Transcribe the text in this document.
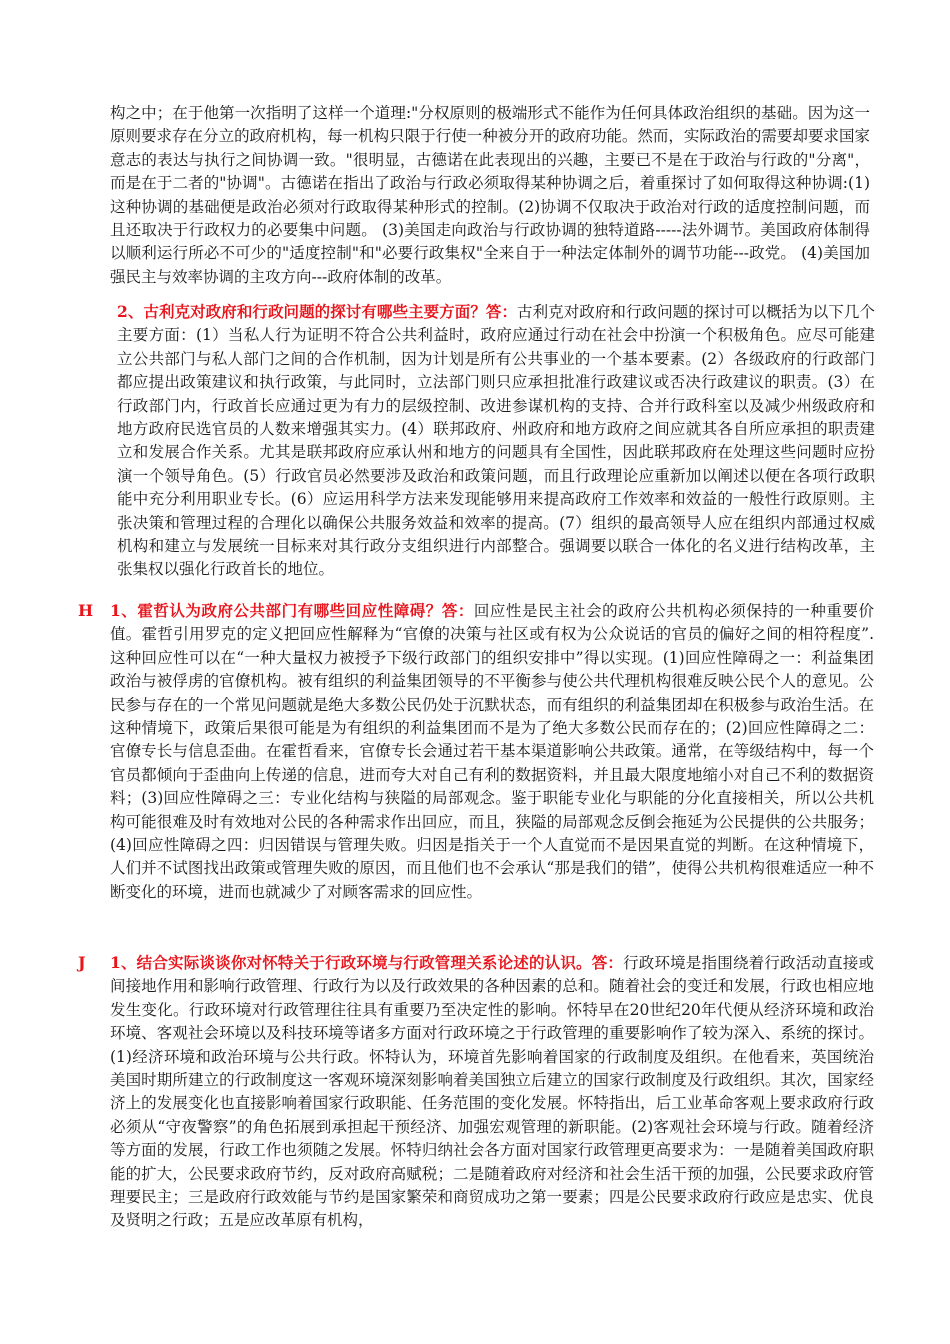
构之中；在于他第一次指明了这样一个道理:"分权原则的极端形式不能作为任何具体政治组织的基础。因为这一原则要求存在分立的政府机构，每一机构只限于行使一种被分开的政府功能。然而，实际政治的需要却要求国家意志的表达与执行之间协调一致。"很明显，古德诺在此表现出的兴趣，主要已不是在于政治与行政的"分离"，而是在于二者的"协调"。古德诺在指出了政治与行政必须取得某种协调之后，着重探讨了如何取得这种协调:(1)这种协调的基础便是政治必须对行政取得某种形式的控制。(2)协调不仅取决于政治对行政的适度控制问题，而且还取决于行政权力的必要集中问题。 (3)美国走向政治与行政协调的独特道路-----法外调节。美国政府体制得以顺利运行所必不可少的"适度控制"和"必要行政集权"全来自于一种法定体制外的调节功能---政党。 (4)美国加强民主与效率协调的主攻方向---政府体制的改革。
2、古利克对政府和行政问题的探讨有哪些主要方面？答：古利克对政府和行政问题的探讨可以概括为以下几个主要方面：(1）当私人行为证明不符合公共利益时，政府应通过行动在社会中扮演一个积极角色。应尽可能建立公共部门与私人部门之间的合作机制，因为计划是所有公共事业的一个基本要素。(2）各级政府的行政部门都应提出政策建议和执行政策，与此同时，立法部门则只应承担批准行政建议或否决行政建议的职责。(3）在行政部门内，行政首长应通过更为有力的层级控制、改进参谋机构的支持、合并行政科室以及减少州级政府和地方政府民选官员的人数来增强其实力。(4）联邦政府、州政府和地方政府之间应就其各自所应承担的职责建立和发展合作关系。尤其是联邦政府应承认州和地方的问题具有全国性，因此联邦政府在处理这些问题时应扮演一个领导角色。(5）行政官员必然要涉及政治和政策问题，而且行政理论应重新加以阐述以便在各项行政职能中充分利用职业专长。(6）应运用科学方法来发现能够用来提高政府工作效率和效益的一般性行政原则。主张决策和管理过程的合理化以确保公共服务效益和效率的提高。(7）组织的最高领导人应在组织内部通过权威机构和建立与发展统一目标来对其行政分支组织进行内部整合。强调要以联合一体化的名义进行结构改革，主张集权以强化行政首长的地位。
H 1、霍哲认为政府公共部门有哪些回应性障碍？答：回应性是民主社会的政府公共机构必须保持的一种重要价值。霍哲引用罗克的定义把回应性解释为“官僚的决策与社区或有权为公众说话的官员的偏好之间的相符程度”.这种回应性可以在“一种大量权力被授予下级行政部门的组织安排中”得以实现。(1)回应性障碍之一：利益集团政治与被俘虏的官僚机构。被有组织的利益集团领导的不平衡参与使公共代理机构很难反映公民个人的意见。公民参与存在的一个常见问题就是绝大多数公民仍处于沉默状态，而有组织的利益集团却在积极参与政治生活。在这种情境下，政策后果很可能是为有组织的利益集团而不是为了绝大多数公民而存在的；(2)回应性障碍之二：官僚专长与信息歪曲。在霍哲看来，官僚专长会通过若干基本渠道影响公共政策。通常，在等级结构中，每一个官员都倾向于歪曲向上传递的信息，进而夸大对自己有利的数据资料，并且最大限度地缩小对自己不利的数据资料；(3)回应性障碍之三：专业化结构与狭隘的局部观念。鉴于职能专业化与职能的分化直接相关，所以公共机构可能很难及时有效地对公民的各种需求作出回应，而且，狭隘的局部观念反倒会拖延为公民提供的公共服务；(4)回应性障碍之四：归因错误与管理失败。归因是指关于一个人直觉而不是因果直觉的判断。在这种情境下，人们并不试图找出政策或管理失败的原因，而且他们也不会承认“那是我们的错”，使得公共机构很难适应一种不断变化的环境，进而也就减少了对顾客需求的回应性。
J 1、结合实际谈谈你对怀特关于行政环境与行政管理关系论述的认识。答：行政环境是指围绕着行政活动直接或间接地作用和影响行政管理、行政行为以及行政效果的各种因素的总和。随着社会的变迁和发展，行政也相应地发生变化。行政环境对行政管理往往具有重要乃至决定性的影响。怀特早在20世纪20年代便从经济环境和政治环境、客观社会环境以及科技环境等诸多方面对行政环境之于行政管理的重要影响作了较为深入、系统的探讨。(1)经济环境和政治环境与公共行政。怀特认为，环境首先影响着国家的行政制度及组织。在他看来，英国统治美国时期所建立的行政制度这一客观环境深刻影响着美国独立后建立的国家行政制度及行政组织。其次，国家经济上的发展变化也直接影响着国家行政职能、任务范围的变化发展。怀特指出，后工业革命客观上要求政府行政必须从“守夜警察”的角色拓展到承担起干预经济、加强宏观管理的新职能。(2)客观社会环境与行政。随着经济等方面的发展，行政工作也须随之发展。怀特归纳社会各方面对国家行政管理更高要求为：一是随着美国政府职能的扩大，公民要求政府节约，反对政府高赋税；二是随着政府对经济和社会生活干预的加强，公民要求政府管理要民主；三是政府行政效能与节约是国家繁荣和商贸成功之第一要素；四是公民要求政府行政应是忠实、优良及贤明之行政；五是应改革原有机构，
